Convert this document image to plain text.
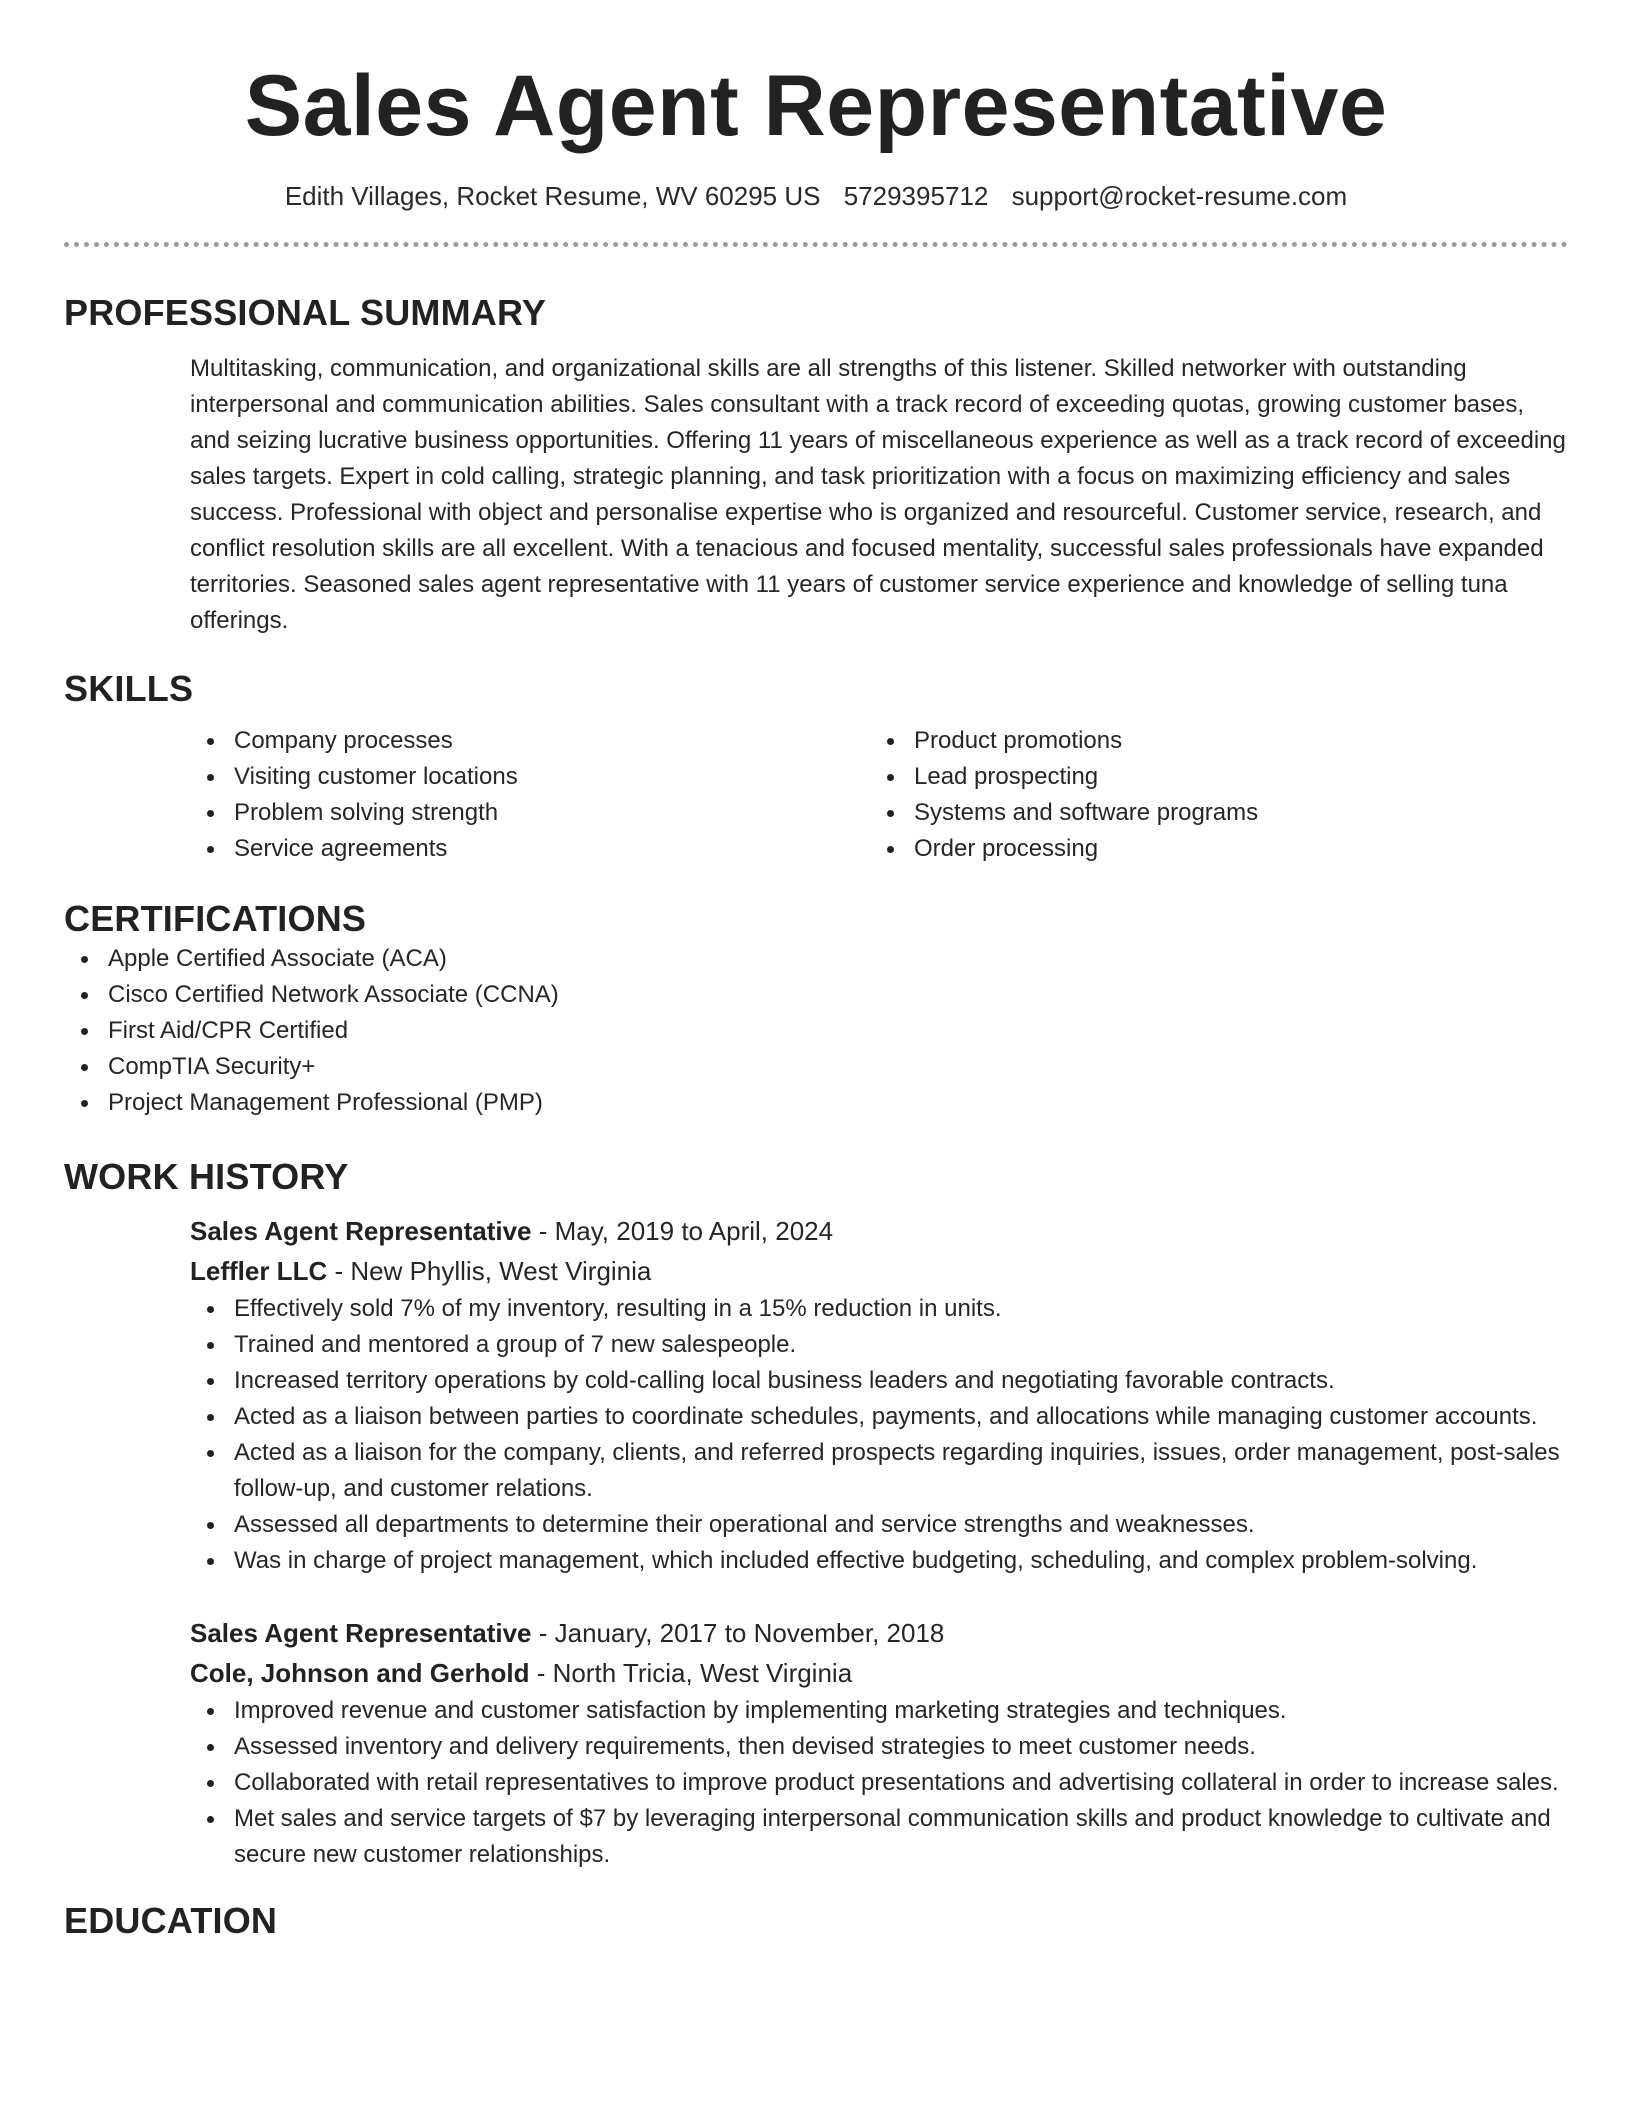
Sales Agent Representative
Edith Villages, Rocket Resume, WV 60295 US 5729395712 support@rocket-resume.com
PROFESSIONAL SUMMARY

Multitasking, communication, and organizational skills are all strengths of this listener. Skilled networker with outstanding interpersonal and communication abilities. Sales consultant with a track record of exceeding quotas, growing customer bases, and seizing lucrative business opportunities. Offering 11 years of miscellaneous experience as well as a track record of exceeding sales targets. Expert in cold calling, strategic planning, and task prioritization with a focus on maximizing efficiency and sales success. Professional with object and personalise expertise who is organized and resourceful. Customer service, research, and conflict resolution skills are all excellent. With a tenacious and focused mentality, successful sales professionals have expanded territories. Seasoned sales agent representative with 11 years of customer service experience and knowledge of selling tuna offerings.

SKILLS
Company processes
Visiting customer locations
Problem solving strength
Service agreements
Product promotions
Lead prospecting
Systems and software programs
Order processing
CERTIFICATIONS
Apple Certified Associate (ACA)
Cisco Certified Network Associate (CCNA)
First Aid/CPR Certified
CompTIA Security+
Project Management Professional (PMP)
WORK HISTORY
Sales Agent Representative - May, 2019 to April, 2024
Leffler LLC - New Phyllis, West Virginia
Effectively sold 7% of my inventory, resulting in a 15% reduction in units.
Trained and mentored a group of 7 new salespeople.
Increased territory operations by cold-calling local business leaders and negotiating favorable contracts.
Acted as a liaison between parties to coordinate schedules, payments, and allocations while managing customer accounts.
Acted as a liaison for the company, clients, and referred prospects regarding inquiries, issues, order management, post-sales follow-up, and customer relations.
Assessed all departments to determine their operational and service strengths and weaknesses.
Was in charge of project management, which included effective budgeting, scheduling, and complex problem-solving.
Sales Agent Representative - January, 2017 to November, 2018
Cole, Johnson and Gerhold - North Tricia, West Virginia
Improved revenue and customer satisfaction by implementing marketing strategies and techniques.
Assessed inventory and delivery requirements, then devised strategies to meet customer needs.
Collaborated with retail representatives to improve product presentations and advertising collateral in order to increase sales.
Met sales and service targets of $7 by leveraging interpersonal communication skills and product knowledge to cultivate and secure new customer relationships.
EDUCATION
